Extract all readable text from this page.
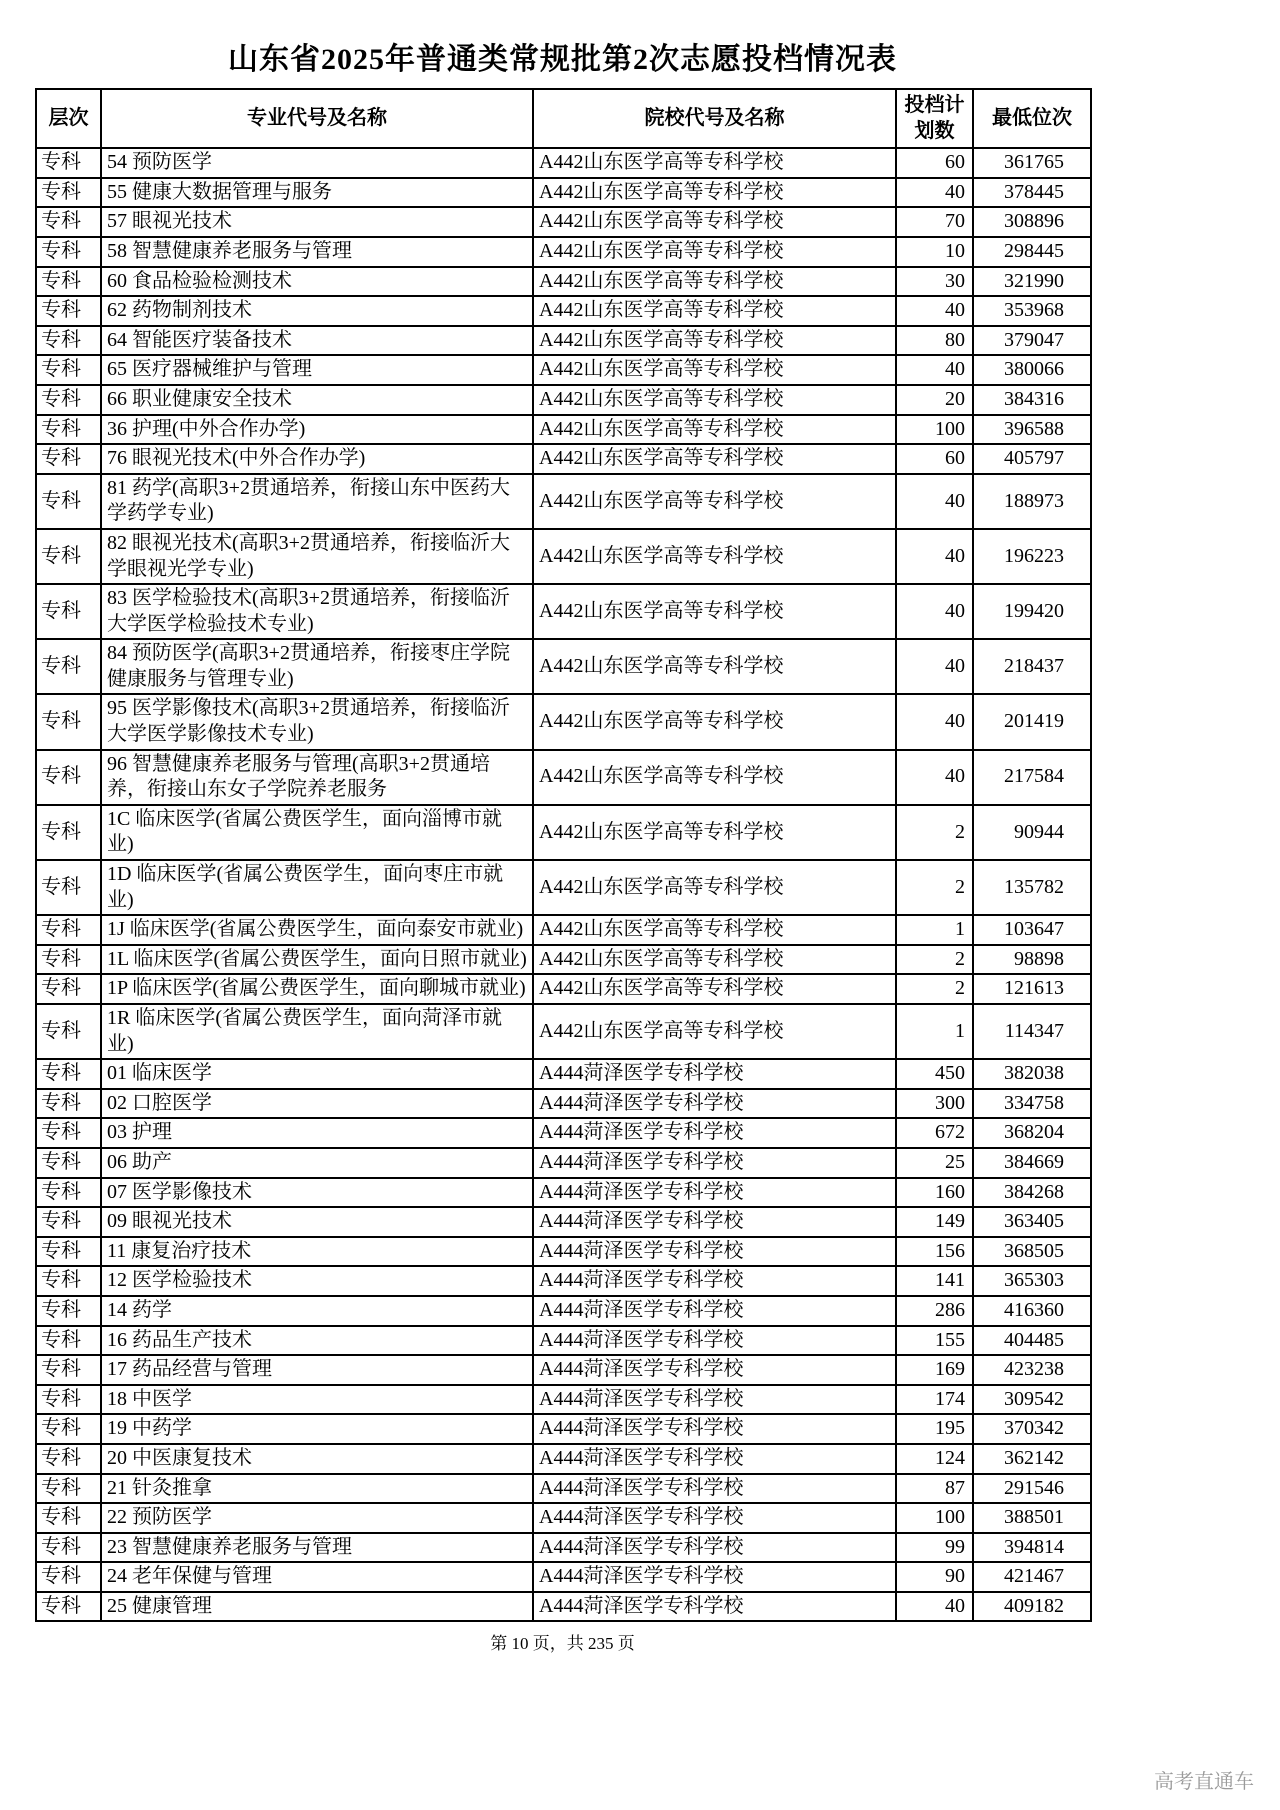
山东省2025年普通类常规批第2次志愿投档情况表
层次	专业代号及名称	院校代号及名称	投档计划数	最低位次
专科	54 预防医学	A442山东医学高等专科学校	60	361765
专科	55 健康大数据管理与服务	A442山东医学高等专科学校	40	378445
专科	57 眼视光技术	A442山东医学高等专科学校	70	308896
专科	58 智慧健康养老服务与管理	A442山东医学高等专科学校	10	298445
专科	60 食品检验检测技术	A442山东医学高等专科学校	30	321990
专科	62 药物制剂技术	A442山东医学高等专科学校	40	353968
专科	64 智能医疗装备技术	A442山东医学高等专科学校	80	379047
专科	65 医疗器械维护与管理	A442山东医学高等专科学校	40	380066
专科	66 职业健康安全技术	A442山东医学高等专科学校	20	384316
专科	36 护理(中外合作办学)	A442山东医学高等专科学校	100	396588
专科	76 眼视光技术(中外合作办学)	A442山东医学高等专科学校	60	405797
专科	81 药学(高职3+2贯通培养，衔接山东中医药大学药学专业)	A442山东医学高等专科学校	40	188973
专科	82 眼视光技术(高职3+2贯通培养，衔接临沂大学眼视光学专业)	A442山东医学高等专科学校	40	196223
专科	83 医学检验技术(高职3+2贯通培养，衔接临沂大学医学检验技术专业)	A442山东医学高等专科学校	40	199420
专科	84 预防医学(高职3+2贯通培养，衔接枣庄学院健康服务与管理专业)	A442山东医学高等专科学校	40	218437
专科	95 医学影像技术(高职3+2贯通培养，衔接临沂大学医学影像技术专业)	A442山东医学高等专科学校	40	201419
专科	96 智慧健康养老服务与管理(高职3+2贯通培养，衔接山东女子学院养老服务	A442山东医学高等专科学校	40	217584
专科	1C 临床医学(省属公费医学生，面向淄博市就业)	A442山东医学高等专科学校	2	90944
专科	1D 临床医学(省属公费医学生，面向枣庄市就业)	A442山东医学高等专科学校	2	135782
专科	1J 临床医学(省属公费医学生，面向泰安市就业)	A442山东医学高等专科学校	1	103647
专科	1L 临床医学(省属公费医学生，面向日照市就业)	A442山东医学高等专科学校	2	98898
专科	1P 临床医学(省属公费医学生，面向聊城市就业)	A442山东医学高等专科学校	2	121613
专科	1R 临床医学(省属公费医学生，面向菏泽市就业)	A442山东医学高等专科学校	1	114347
专科	01 临床医学	A444菏泽医学专科学校	450	382038
专科	02 口腔医学	A444菏泽医学专科学校	300	334758
专科	03 护理	A444菏泽医学专科学校	672	368204
专科	06 助产	A444菏泽医学专科学校	25	384669
专科	07 医学影像技术	A444菏泽医学专科学校	160	384268
专科	09 眼视光技术	A444菏泽医学专科学校	149	363405
专科	11 康复治疗技术	A444菏泽医学专科学校	156	368505
专科	12 医学检验技术	A444菏泽医学专科学校	141	365303
专科	14 药学	A444菏泽医学专科学校	286	416360
专科	16 药品生产技术	A444菏泽医学专科学校	155	404485
专科	17 药品经营与管理	A444菏泽医学专科学校	169	423238
专科	18 中医学	A444菏泽医学专科学校	174	309542
专科	19 中药学	A444菏泽医学专科学校	195	370342
专科	20 中医康复技术	A444菏泽医学专科学校	124	362142
专科	21 针灸推拿	A444菏泽医学专科学校	87	291546
专科	22 预防医学	A444菏泽医学专科学校	100	388501
专科	23 智慧健康养老服务与管理	A444菏泽医学专科学校	99	394814
专科	24 老年保健与管理	A444菏泽医学专科学校	90	421467
专科	25 健康管理	A444菏泽医学专科学校	40	409182
第 10 页，共 235 页
高考直通车
